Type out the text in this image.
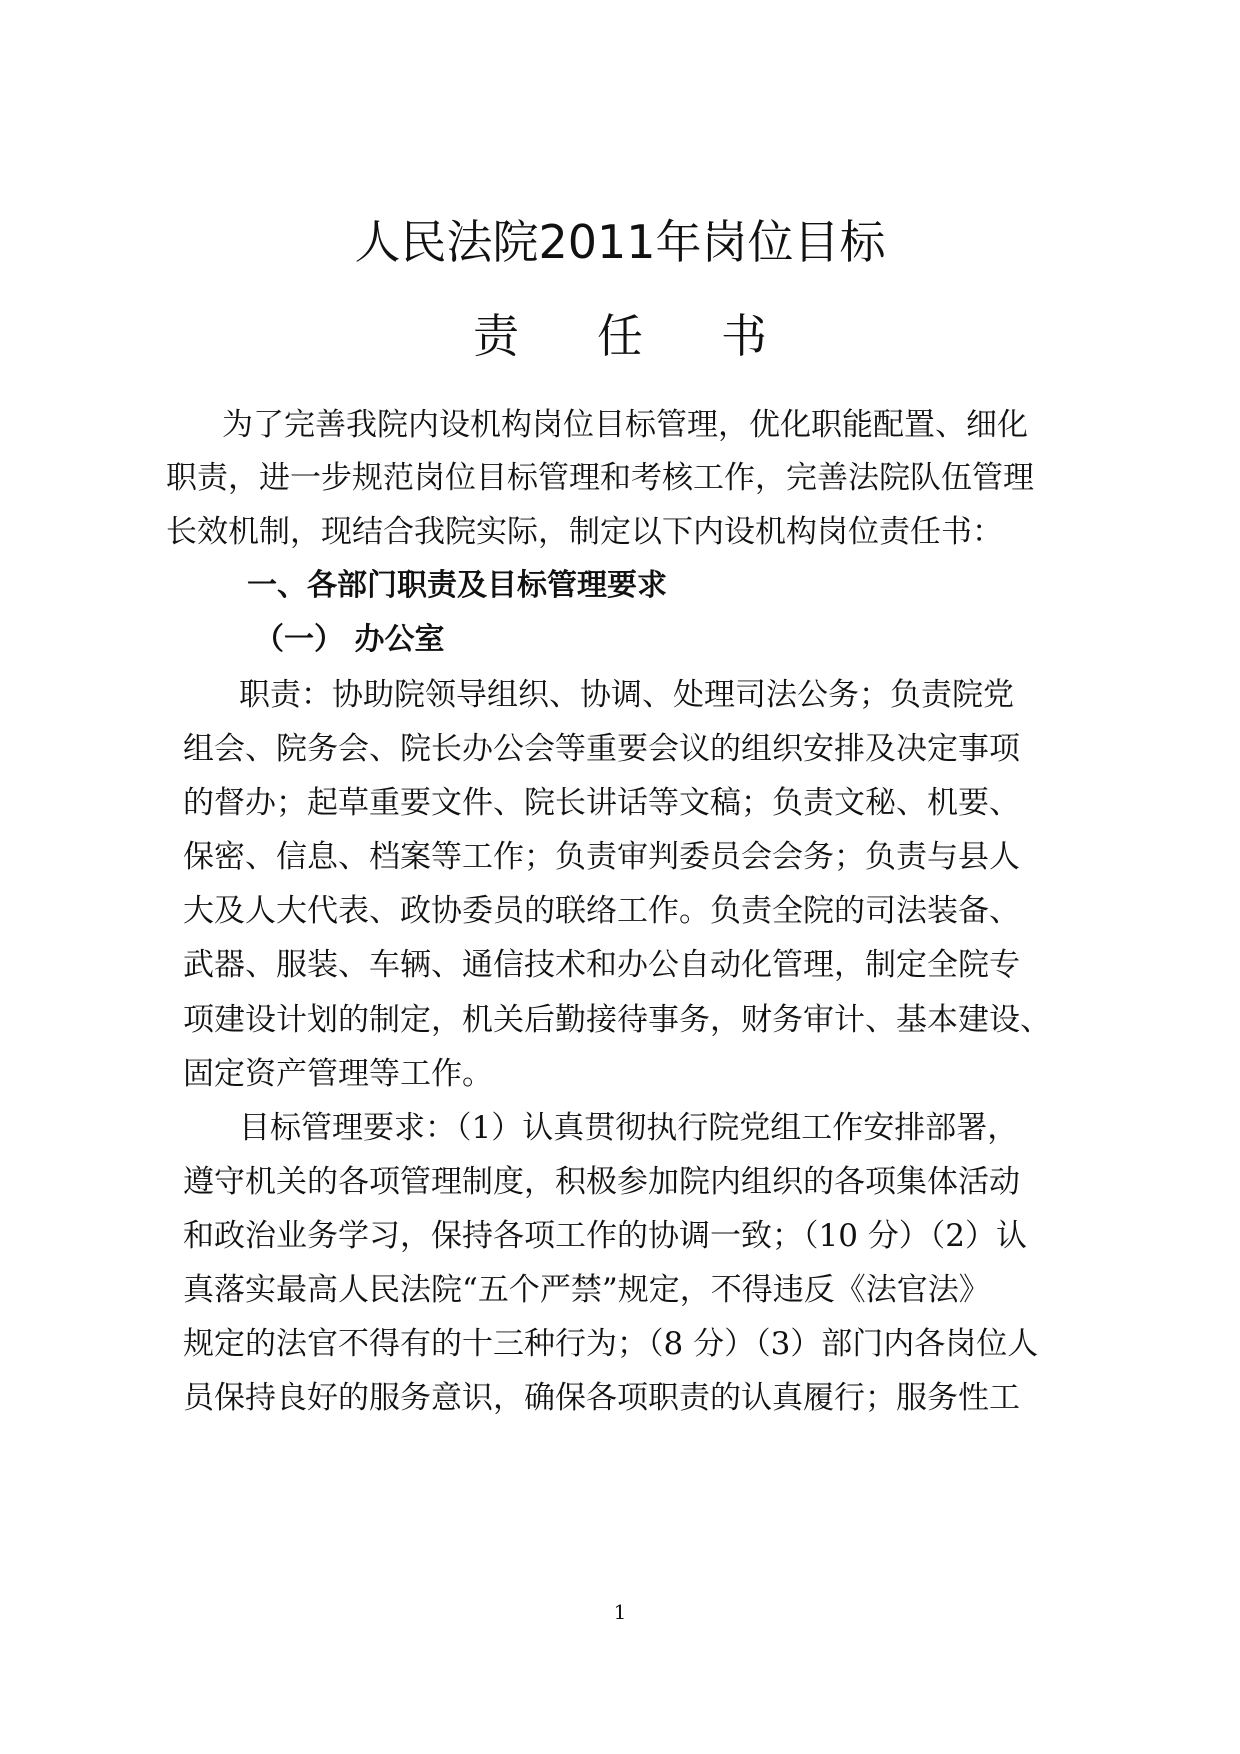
人民法院2011年岗位目标
责 任 书

为了完善我院内设机构岗位目标管理，优化职能配置、细化

职责，进一步规范岗位目标管理和考核工作，完善法院队伍管理

长效机制，现结合我院实际，制定以下内设机构岗位责任书：

一、各部门职责及目标管理要求
（一） 办公室

职责：协助院领导组织、协调、处理司法公务；负责院党

组会、院务会、院长办公会等重要会议的组织安排及决定事项

的督办；起草重要文件、院长讲话等文稿；负责文秘、机要、

保密、信息、档案等工作；负责审判委员会会务；负责与县人

大及人大代表、政协委员的联络工作。负责全院的司法装备、

武器、服装、车辆、通信技术和办公自动化管理，制定全院专

项建设计划的制定，机关后勤接待事务，财务审计、基本建设、

固定资产管理等工作。

目标管理要求：（1）认真贯彻执行院党组工作安排部署，

遵守机关的各项管理制度，积极参加院内组织的各项集体活动

和政治业务学习，保持各项工作的协调一致；（10 分）（2）认

真落实最高人民法院“五个严禁”规定，不得违反《法官法》

规定的法官不得有的十三种行为；（8 分）（3）部门内各岗位人

员保持良好的服务意识，确保各项职责的认真履行；服务性工

1
